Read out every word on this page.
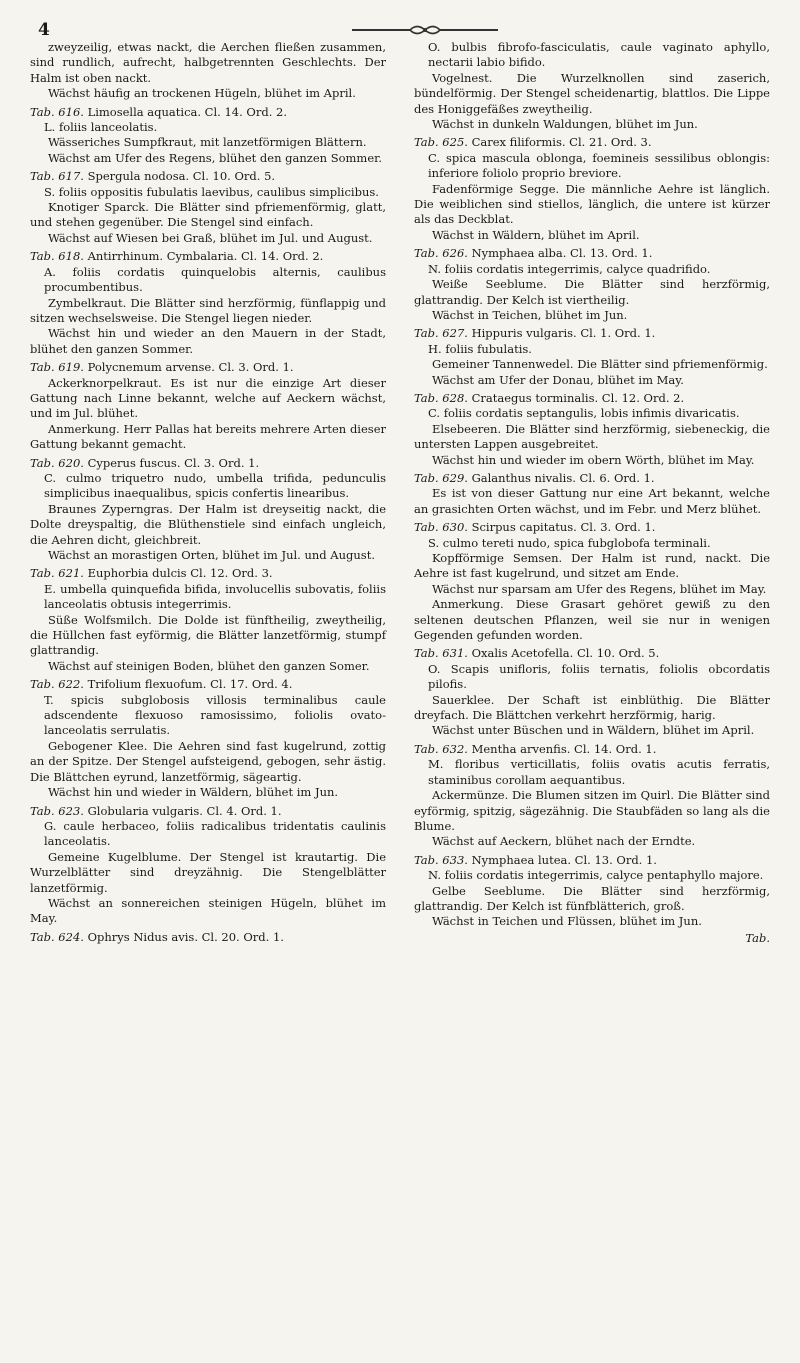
4

zweyzeilig, etwas nackt, die Aerchen fließen zusammen, sind rundlich, aufrecht, halbgetrennten Geschlechts. Der Halm ist oben nackt.

Wächst häufig an trockenen Hügeln, blühet im April.

Tab. 616. Limosella aquatica. Cl. 14. Ord. 2.

L. foliis lanceolatis.

Wässeriches Sumpfkraut, mit lanzetförmigen Blättern.

Wächst am Ufer des Regens, blühet den ganzen Sommer.

Tab. 617. Spergula nodosa. Cl. 10. Ord. 5.

S. foliis oppositis fubulatis laevibus, caulibus simplicibus.

Knotiger Sparck. Die Blätter sind pfriemenförmig, glatt, und stehen gegenüber. Die Stengel sind einfach.

Wächst auf Wiesen bei Graß, blühet im Jul. und August.

Tab. 618. Antirrhinum. Cymbalaria. Cl. 14. Ord. 2.

A. foliis cordatis quinquelobis alternis, caulibus procumbentibus.

Zymbelkraut. Die Blätter sind herzförmig, fünflappig und sitzen wechselsweise. Die Stengel liegen nieder.

Wächst hin und wieder an den Mauern in der Stadt, blühet den ganzen Sommer.

Tab. 619. Polycnemum arvense. Cl. 3. Ord. 1.

Ackerknorpelkraut. Es ist nur die einzige Art dieser Gattung nach Linne bekannt, welche auf Aeckern wächst, und im Jul. blühet.

Anmerkung. Herr Pallas hat bereits mehrere Arten dieser Gattung bekannt gemacht.

Tab. 620. Cyperus fuscus. Cl. 3. Ord. 1.

C. culmo triquetro nudo, umbella trifida, pedunculis simplicibus inaequalibus, spicis confertis linearibus.

Braunes Zyperngras. Der Halm ist dreyseitig nackt, die Dolte dreyspaltig, die Blüthenstiele sind einfach ungleich, die Aehren dicht, gleichbreit.

Wächst an morastigen Orten, blühet im Jul. und August.

Tab. 621. Euphorbia dulcis Cl. 12. Ord. 3.

E. umbella quinquefida bifida, involucellis subovatis, foliis lanceolatis obtusis integerrimis.

Süße Wolfsmilch. Die Dolde ist fünftheilig, zweytheilig, die Hüllchen fast eyförmig, die Blätter lanzetförmig, stumpf glattrandig.

Wächst auf steinigen Boden, blühet den ganzen Somer.

Tab. 622. Trifolium flexuofum. Cl. 17. Ord. 4.

T. spicis subglobosis villosis terminalibus caule adscendente flexuoso ramosissimo, foliolis ovato-lanceolatis serrulatis.

Gebogener Klee. Die Aehren sind fast kugelrund, zottig an der Spitze. Der Stengel aufsteigend, gebogen, sehr ästig. Die Blättchen eyrund, lanzetförmig, sägeartig.

Wächst hin und wieder in Wäldern, blühet im Jun.

Tab. 623. Globularia vulgaris. Cl. 4. Ord. 1.

G. caule herbaceo, foliis radicalibus tridentatis caulinis lanceolatis.

Gemeine Kugelblume. Der Stengel ist krautartig. Die Wurzelblätter sind dreyzähnig. Die Stengelblätter lanzetförmig.

Wächst an sonnereichen steinigen Hügeln, blühet im May.

Tab. 624. Ophrys Nidus avis. Cl. 20. Ord. 1.

O. bulbis fibrofo-fasciculatis, caule vaginato aphyllo, nectarii labio bifido.

Vogelnest. Die Wurzelknollen sind zaserich, bündelförmig. Der Stengel scheidenartig, blattlos. Die Lippe des Honiggefäßes zweytheilig.

Wächst in dunkeln Waldungen, blühet im Jun.

Tab. 625. Carex filiformis. Cl. 21. Ord. 3.

C. spica mascula oblonga, foemineis sessilibus oblongis: inferiore foliolo proprio breviore.

Fadenförmige Segge. Die männliche Aehre ist länglich. Die weiblichen sind stiellos, länglich, die untere ist kürzer als das Deckblat.

Wächst in Wäldern, blühet im April.

Tab. 626. Nymphaea alba. Cl. 13. Ord. 1.

N. foliis cordatis integerrimis, calyce quadrifido.

Weiße Seeblume. Die Blätter sind herzförmig, glattrandig. Der Kelch ist viertheilig.

Wächst in Teichen, blühet im Jun.

Tab. 627. Hippuris vulgaris. Cl. 1. Ord. 1.

H. foliis fubulatis.

Gemeiner Tannenwedel. Die Blätter sind pfriemenförmig.

Wächst am Ufer der Donau, blühet im May.

Tab. 628. Crataegus torminalis. Cl. 12. Ord. 2.

C. foliis cordatis septangulis, lobis infimis divaricatis.

Elsebeeren. Die Blätter sind herzförmig, siebeneckig, die untersten Lappen ausgebreitet.

Wächst hin und wieder im obern Wörth, blühet im May.

Tab. 629. Galanthus nivalis. Cl. 6. Ord. 1.

Es ist von dieser Gattung nur eine Art bekannt, welche an grasichten Orten wächst, und im Febr. und Merz blühet.

Tab. 630. Scirpus capitatus. Cl. 3. Ord. 1.

S. culmo tereti nudo, spica fubglobofa terminali.

Kopfförmige Semsen. Der Halm ist rund, nackt. Die Aehre ist fast kugelrund, und sitzet am Ende.

Wächst nur sparsam am Ufer des Regens, blühet im May.

Anmerkung. Diese Grasart gehöret gewiß zu den seltenen deutschen Pflanzen, weil sie nur in wenigen Gegenden gefunden worden.

Tab. 631. Oxalis Acetofella. Cl. 10. Ord. 5.

O. Scapis unifloris, foliis ternatis, foliolis obcordatis pilofis.

Sauerklee. Der Schaft ist einblüthig. Die Blätter dreyfach. Die Blättchen verkehrt herzförmig, harig.

Wächst unter Büschen und in Wäldern, blühet im April.

Tab. 632. Mentha arvenfis. Cl. 14. Ord. 1.

M. floribus verticillatis, foliis ovatis acutis ferratis, staminibus corollam aequantibus.

Ackermünze. Die Blumen sitzen im Quirl. Die Blätter sind eyförmig, spitzig, sägezähnig. Die Staubfäden so lang als die Blume.

Wächst auf Aeckern, blühet nach der Erndte.

Tab. 633. Nymphaea lutea. Cl. 13. Ord. 1.

N. foliis cordatis integerrimis, calyce pentaphyllo majore.

Gelbe Seeblume. Die Blätter sind herzförmig, glattrandig. Der Kelch ist fünfblätterich, groß.

Wächst in Teichen und Flüssen, blühet im Jun.

Tab.
